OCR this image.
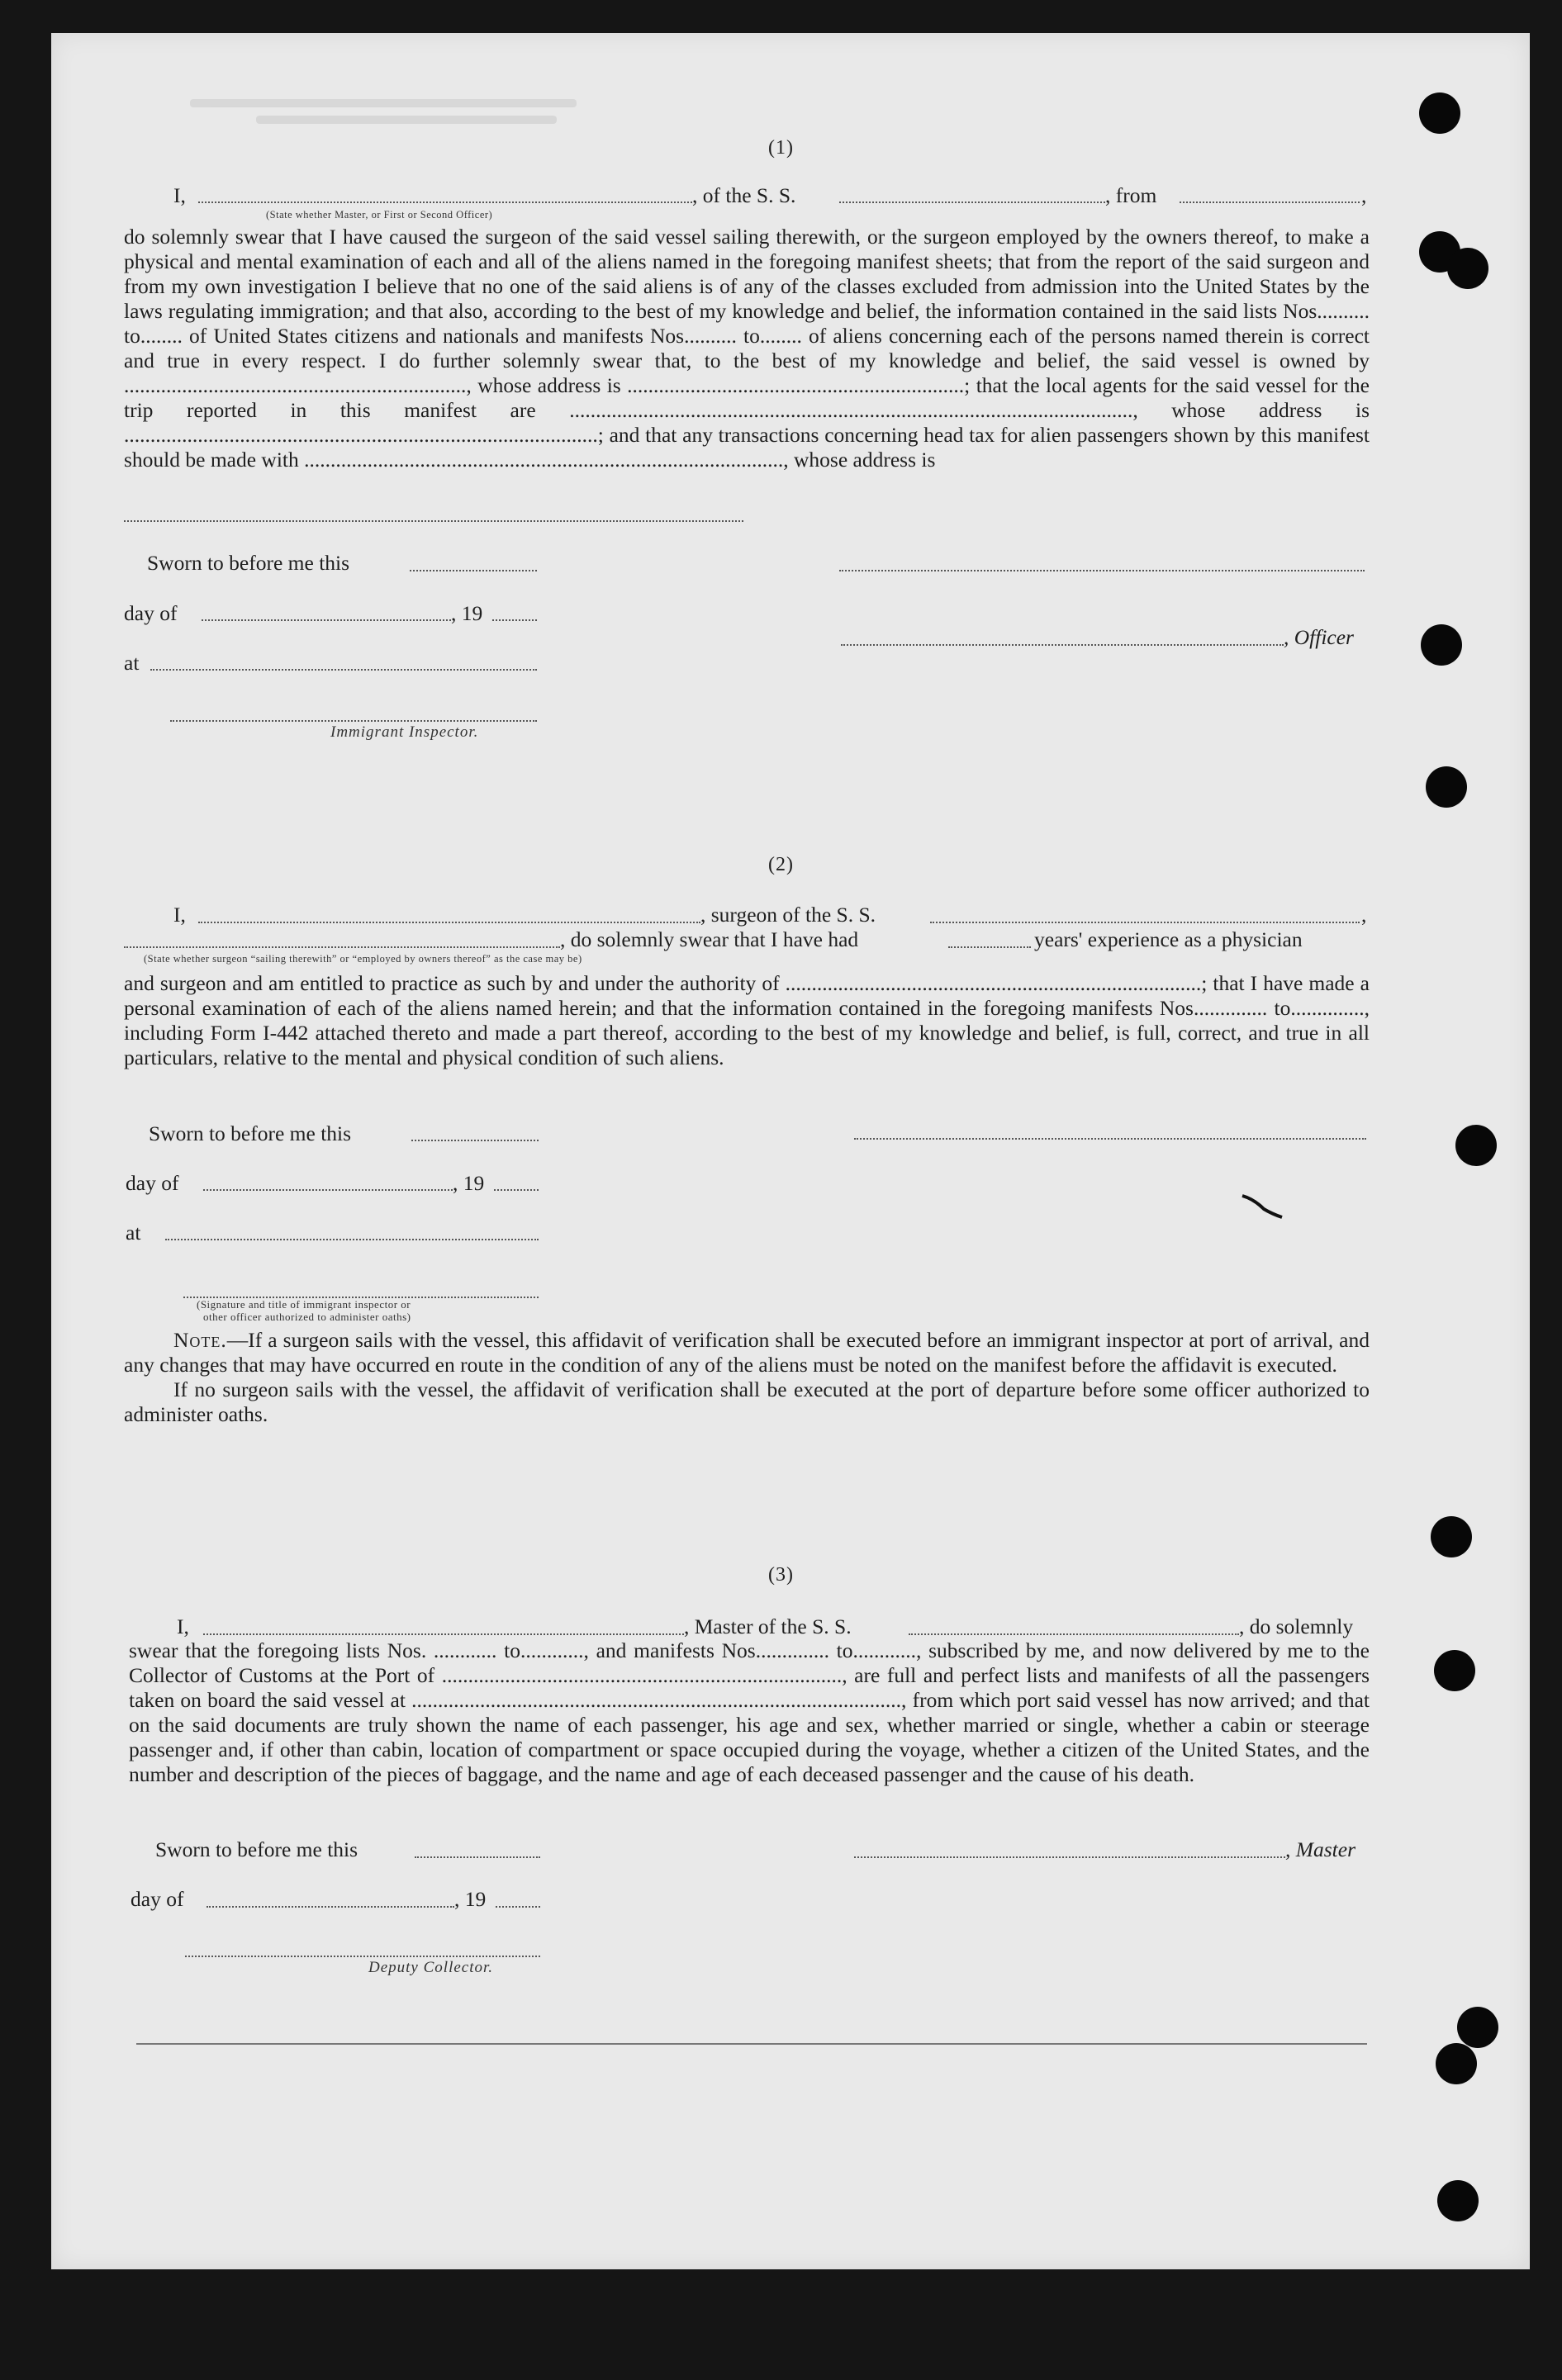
(1)
I,	, of the S. S.	, from	,
(State whether Master, or First or Second Officer)
do solemnly swear that I have caused the surgeon of the said vessel sailing therewith, or the surgeon employed by the owners thereof, to make a physical and mental examination of each and all of the aliens named in the foregoing manifest sheets; that from the report of the said surgeon and from my own investigation I believe that no one of the said aliens is of any of the classes excluded from admission into the United States by the laws regulating immigration; and that also, according to the best of my knowledge and belief, the information contained in the said lists Nos.......... to........ of United States citizens and nationals and manifests Nos.......... to........ of aliens concerning each of the persons named therein is correct and true in every respect. I do further solemnly swear that, to the best of my knowledge and belief, the said vessel is owned by ................................................................., whose address is ................................................................; that the local agents for the said vessel for the trip reported in this manifest are ..........................................................................................................., whose address is ..........................................................................................; and that any transactions concerning head tax for alien passengers shown by this manifest should be made with ..........................................................................................., whose address is
Sworn to before me this
day of	, 19
, Officer
at
Immigrant Inspector.
(2)
I,	, surgeon of the S. S.	,
, do solemnly swear that I have had	years' experience as a physician
(State whether surgeon “sailing therewith” or “employed by owners thereof” as the case may be)
and surgeon and am entitled to practice as such by and under the authority of ...............................................................................; that I have made a personal examination of each of the aliens named herein; and that the information contained in the foregoing manifests Nos.............. to.............., including Form I-442 attached thereto and made a part thereof, according to the best of my knowledge and belief, is full, correct, and true in all particulars, relative to the mental and physical condition of such aliens.
Sworn to before me this
day of	, 19
at
(Signature and title of immigrant inspector or
other officer authorized to administer oaths)
Note.—If a surgeon sails with the vessel, this affidavit of verification shall be executed before an immigrant inspector at port of arrival, and any changes that may have occurred en route in the condition of any of the aliens must be noted on the manifest before the affidavit is executed.
If no surgeon sails with the vessel, the affidavit of verification shall be executed at the port of departure before some officer authorized to administer oaths.
(3)
I,	, Master of the S. S.	, do solemnly
swear that the foregoing lists Nos. ............ to............, and manifests Nos.............. to............, subscribed by me, and now delivered by me to the Collector of Customs at the Port of ............................................................................, are full and perfect lists and manifests of all the passengers taken on board the said vessel at ............................................................................................., from which port said vessel has now arrived; and that on the said documents are truly shown the name of each passenger, his age and sex, whether married or single, whether a cabin or steerage passenger and, if other than cabin, location of compartment or space occupied during the voyage, whether a citizen of the United States, and the number and description of the pieces of baggage, and the name and age of each deceased passenger and the cause of his death.
Sworn to before me this	, Master
day of	, 19
Deputy Collector.
